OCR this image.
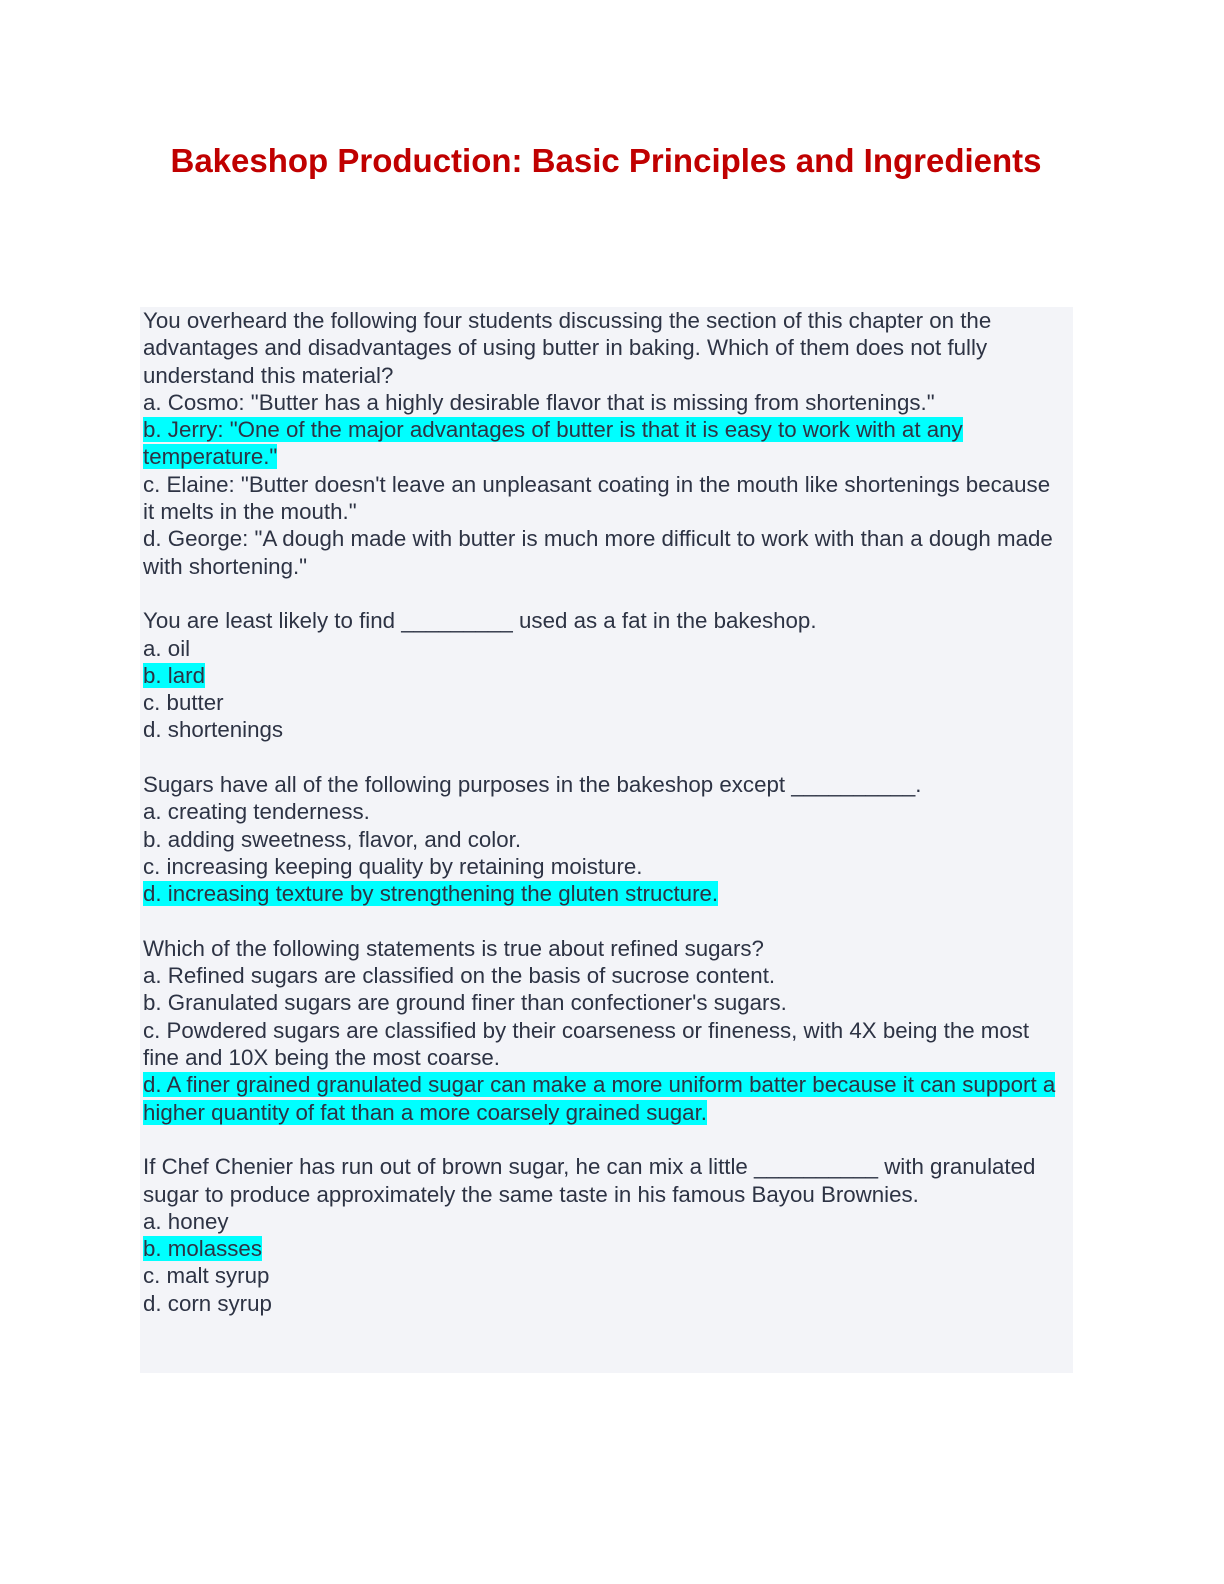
Bakeshop Production: Basic Principles and Ingredients
You overheard the following four students discussing the section of this chapter on the advantages and disadvantages of using butter in baking. Which of them does not fully understand this material?
a. Cosmo: "Butter has a highly desirable flavor that is missing from shortenings."
b. Jerry: "One of the major advantages of butter is that it is easy to work with at any temperature."
c. Elaine: "Butter doesn't leave an unpleasant coating in the mouth like shortenings because it melts in the mouth."
d. George: "A dough made with butter is much more difficult to work with than a dough made with shortening."
You are least likely to find _________ used as a fat in the bakeshop.
a. oil
b. lard
c. butter
d. shortenings
Sugars have all of the following purposes in the bakeshop except __________.
a. creating tenderness.
b. adding sweetness, flavor, and color.
c. increasing keeping quality by retaining moisture.
d. increasing texture by strengthening the gluten structure.
Which of the following statements is true about refined sugars?
a. Refined sugars are classified on the basis of sucrose content.
b. Granulated sugars are ground finer than confectioner's sugars.
c. Powdered sugars are classified by their coarseness or fineness, with 4X being the most fine and 10X being the most coarse.
d. A finer grained granulated sugar can make a more uniform batter because it can support a higher quantity of fat than a more coarsely grained sugar.
If Chef Chenier has run out of brown sugar, he can mix a little __________ with granulated sugar to produce approximately the same taste in his famous Bayou Brownies.
a. honey
b. molasses
c. malt syrup
d. corn syrup
